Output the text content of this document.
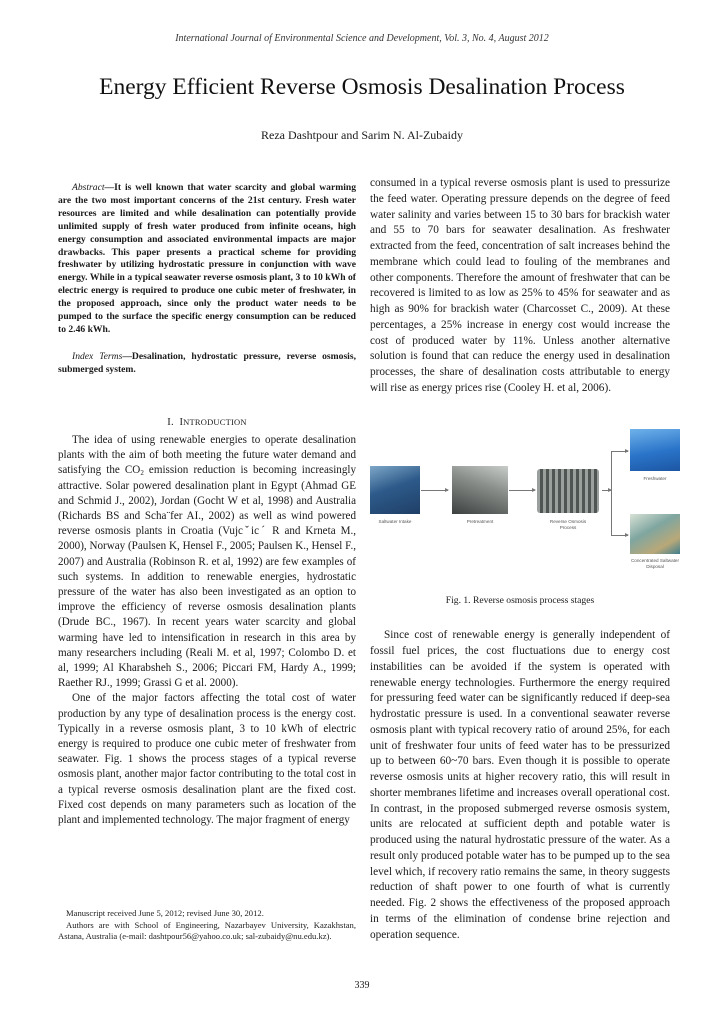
International Journal of Environmental Science and Development, Vol. 3, No. 4, August 2012
Energy Efficient Reverse Osmosis Desalination Process
Reza Dashtpour and Sarim N. Al-Zubaidy

Abstract—It is well known that water scarcity and global warming are the two most important concerns of the 21st century. Fresh water resources are limited and while desalination can potentially provide unlimited supply of fresh water produced from infinite oceans, high energy consumption and associated environmental impacts are major drawbacks. This paper presents a practical scheme for providing freshwater by utilizing hydrostatic pressure in conjunction with wave energy. While in a typical seawater reverse osmosis plant, 3 to 10 kWh of electric energy is required to produce one cubic meter of freshwater, in the proposed approach, since only the product water needs to be pumped to the surface the specific energy consumption can be reduced to 2.46 kWh.

Index Terms—Desalination, hydrostatic pressure, reverse osmosis, submerged system.

I. INTRODUCTION

The idea of using renewable energies to operate desalination plants with the aim of both meeting the future water demand and satisfying the $CO_2$ emission reduction is becoming increasingly attractive. Solar powered desalination plant in Egypt (Ahmad GE and Schmid J., 2002), Jordan (Gocht W et al, 1998) and Australia (Richards BS and Scha¨fer AI., 2002) as well as wind powered reverse osmosis plants in Croatia (Vujcˇicˊ R and Krneta M., 2000), Norway (Paulsen K, Hensel F., 2005; Paulsen K., Hensel F., 2007) and Australia (Robinson R. et al, 1992) are few examples of such systems. In addition to renewable energies, hydrostatic pressure of the water has also been investigated as an option to improve the efficiency of reverse osmosis desalination plants (Drude BC., 1967). In recent years water scarcity and global warming have led to intensification in research in this area by many researchers including (Reali M. et al, 1997; Colombo D. et al, 1999; Al Kharabsheh S., 2006; Piccari FM, Hardy A., 1999; Raether RJ., 1999; Grassi G et al. 2000).

One of the major factors affecting the total cost of water production by any type of desalination process is the energy cost. Typically in a reverse osmosis plant, 3 to 10 kWh of electric energy is required to produce one cubic meter of freshwater from seawater. Fig. 1 shows the process stages of a typical reverse osmosis plant, another major factor contributing to the total cost in a typical reverse osmosis desalination plant are the fixed cost. Fixed cost depends on many parameters such as location of the plant and implemented technology. The major fragment of energy

consumed in a typical reverse osmosis plant is used to pressurize the feed water. Operating pressure depends on the degree of feed water salinity and varies between 15 to 30 bars for brackish water and 55 to 70 bars for seawater desalination. As freshwater extracted from the feed, concentration of salt increases behind the membrane which could lead to fouling of the membranes and other components. Therefore the amount of freshwater that can be recovered is limited to as low as 25% to 45% for seawater and as high as 90% for brackish water (Charcosset C., 2009). At these percentages, a 25% increase in energy cost would increase the cost of produced water by 11%. Unless another alternative solution is found that can reduce the energy used in desalination processes, the share of desalination costs attributable to energy will rise as energy prices rise (Cooley H. et al, 2006).

Saltwater Intake	Pretreatment	Reverse Osmosis Process
Freshwater
Concentrated Saltwater Disposal
Fig. 1. Reverse osmosis process stages

Since cost of renewable energy is generally independent of fossil fuel prices, the cost fluctuations due to energy cost instabilities can be avoided if the system is operated with renewable energy technologies. Furthermore the energy required for pressuring feed water can be significantly reduced if deep-sea hydrostatic pressure is used. In a conventional seawater reverse osmosis plant with typical recovery ratio of around 25%, for each unit of freshwater four units of feed water has to be pressurized up to between 60~70 bars. Even though it is possible to operate reverse osmosis units at higher recovery ratio, this will result in shorter membranes lifetime and increases overall operational cost. In contrast, in the proposed submerged reverse osmosis system, units are relocated at sufficient depth and potable water is produced using the natural hydrostatic pressure of the water. As a result only produced potable water has to be pumped up to the sea level which, if recovery ratio remains the same, in theory suggests reduction of shaft power to one fourth of what is currently needed. Fig. 2 shows the effectiveness of the proposed approach in terms of the elimination of condense brine rejection and operation sequence.

Manuscript received June 5, 2012; revised June 30, 2012.

Authors are with School of Engineering, Nazarbayev University, Kazakhstan, Astana, Australia (e-mail: dashtpour56@yahoo.co.uk; sal-zubaidy@nu.edu.kz).

339
